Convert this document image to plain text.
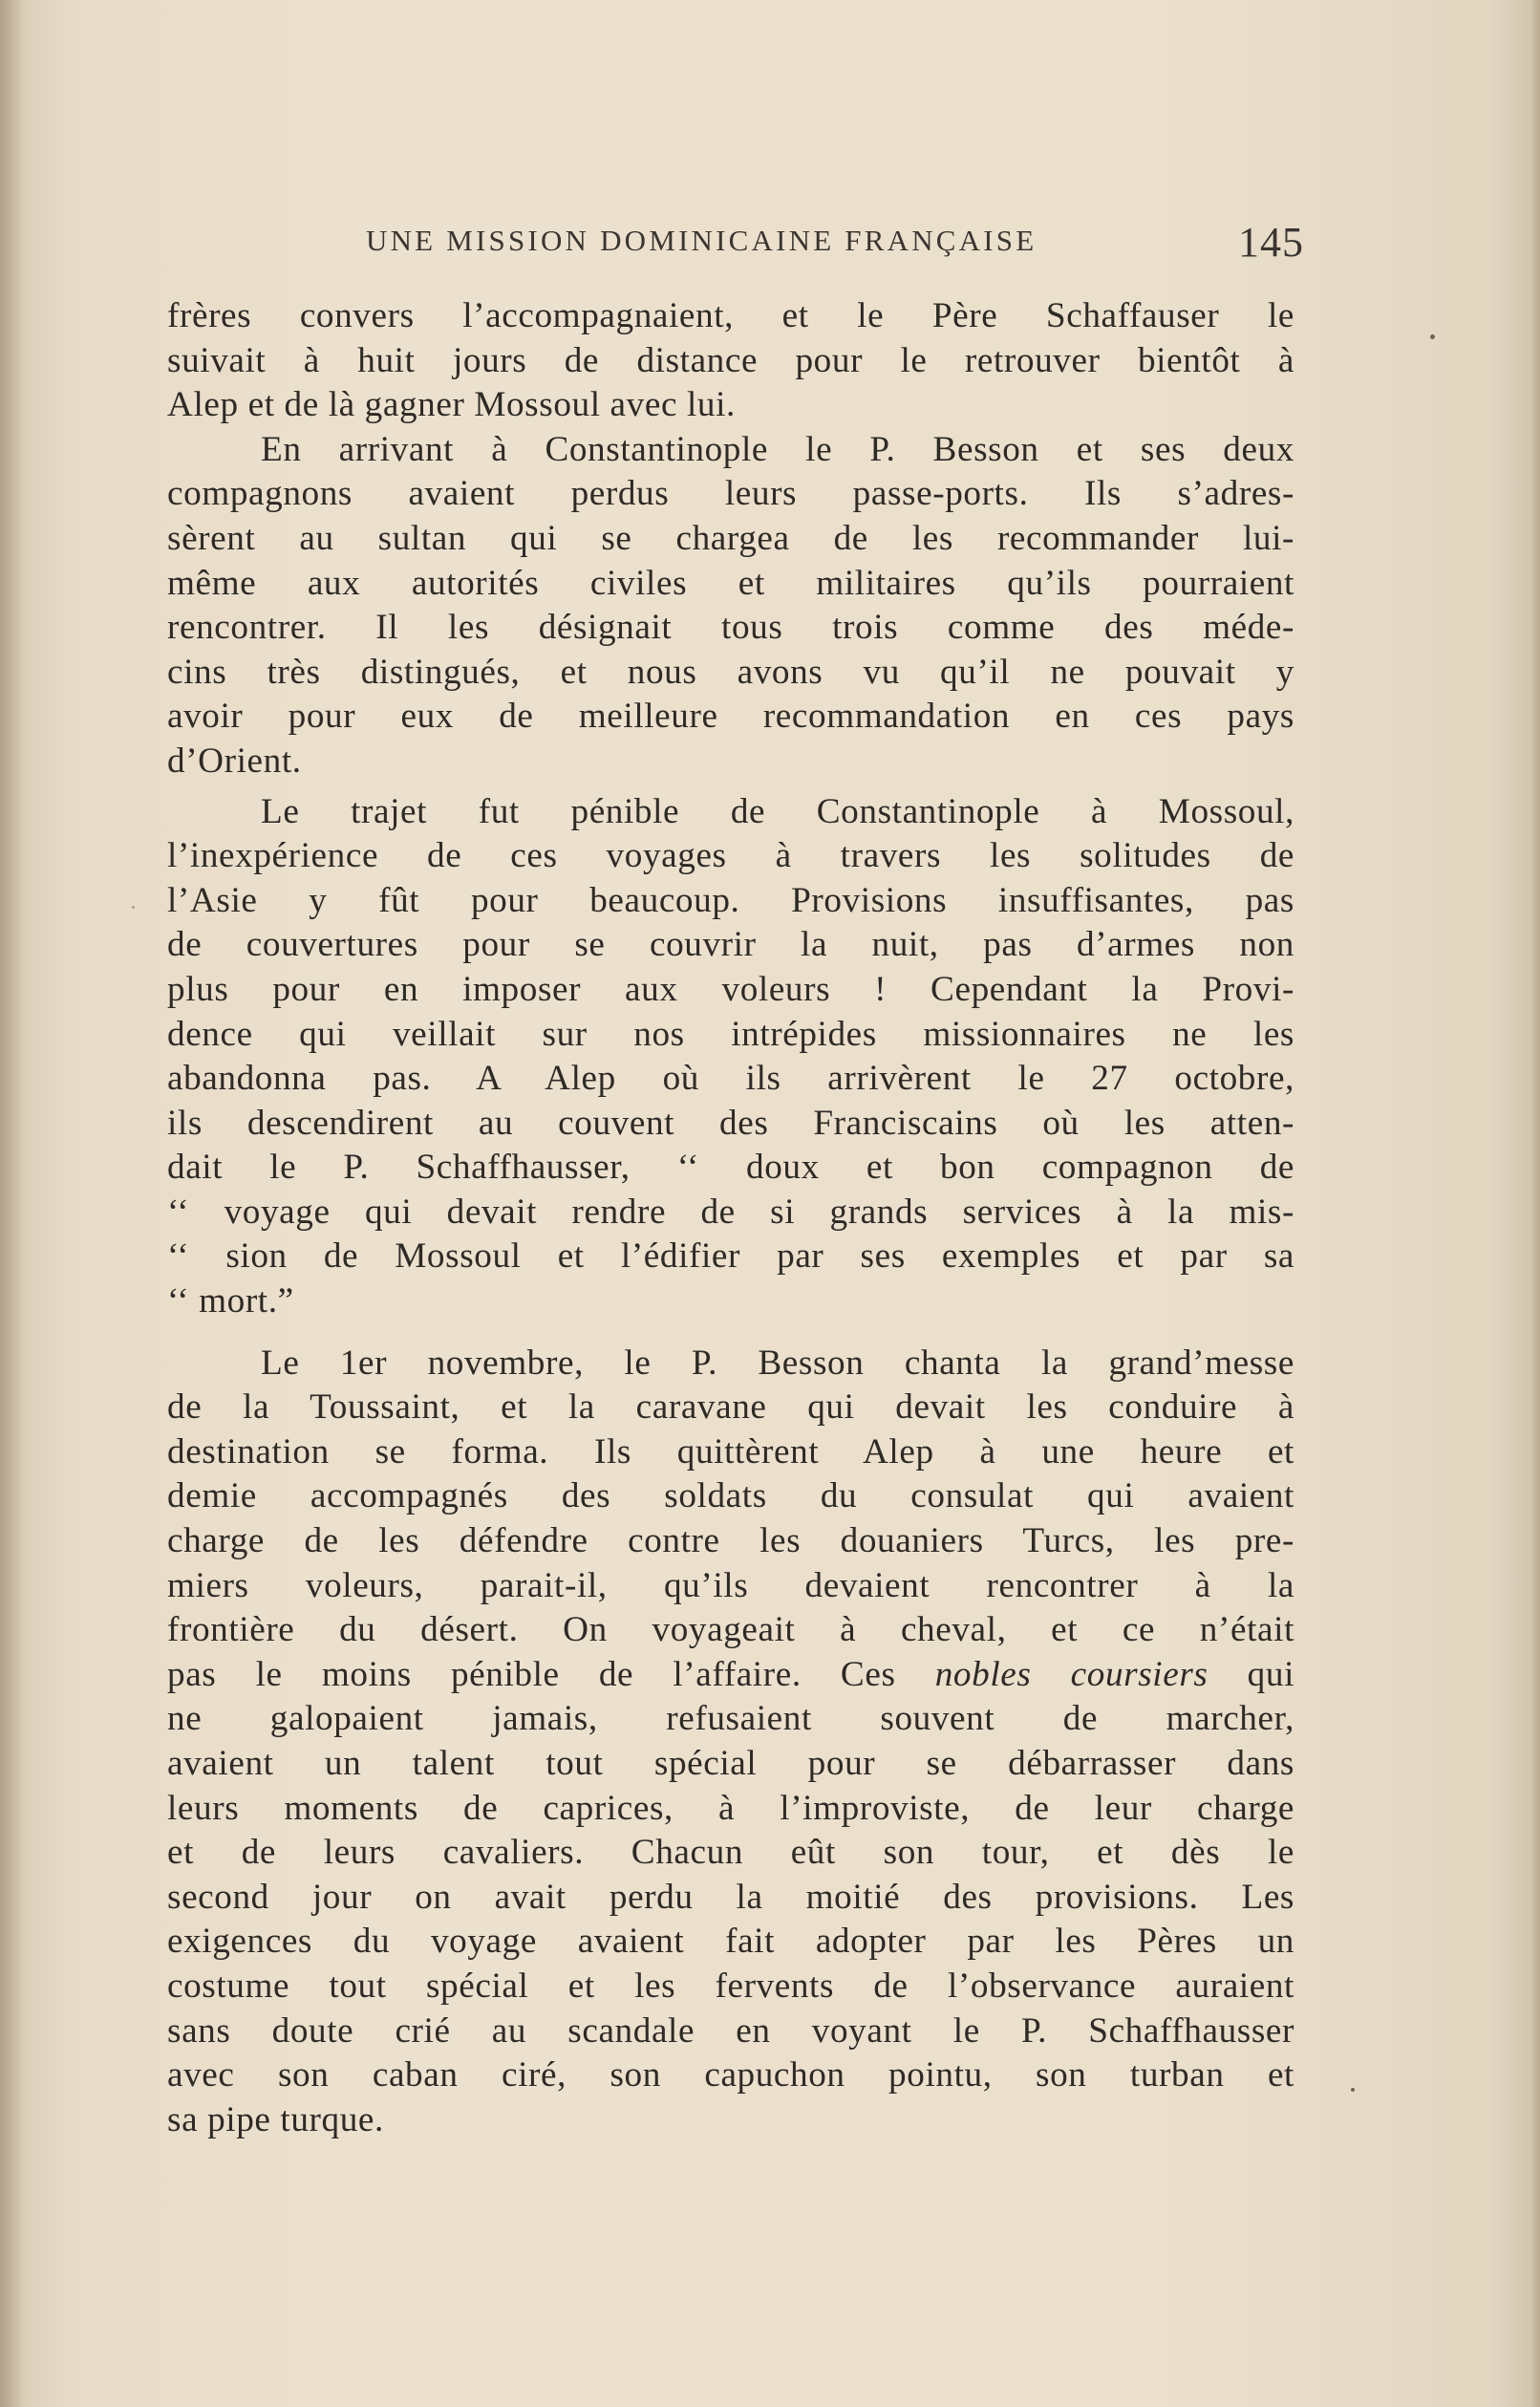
UNE MISSION DOMINICAINE FRANÇAISE	145
frères convers l’accompagnaient, et le Père Schaffauser le
suivait à huit jours de distance pour le retrouver bientôt à
Alep et de là gagner Mossoul avec lui.
En arrivant à Constantinople le P. Besson et ses deux
compagnons avaient perdus leurs passe-ports. Ils s’adres-
sèrent au sultan qui se chargea de les recommander lui-
même aux autorités civiles et militaires qu’ils pourraient
rencontrer. Il les désignait tous trois comme des méde-
cins très distingués, et nous avons vu qu’il ne pouvait y
avoir pour eux de meilleure recommandation en ces pays
d’Orient.
Le trajet fut pénible de Constantinople à Mossoul,
l’inexpérience de ces voyages à travers les solitudes de
l’Asie y fût pour beaucoup. Provisions insuffisantes, pas
de couvertures pour se couvrir la nuit, pas d’armes non
plus pour en imposer aux voleurs ! Cependant la Provi-
dence qui veillait sur nos intrépides missionnaires ne les
abandonna pas. A Alep où ils arrivèrent le 27 octobre,
ils descendirent au couvent des Franciscains où les atten-
dait le P. Schaffhausser, ‘‘ doux et bon compagnon de
‘‘ voyage qui devait rendre de si grands services à la mis-
‘‘ sion de Mossoul et l’édifier par ses exemples et par sa
‘‘ mort.”
Le 1er novembre, le P. Besson chanta la grand’messe
de la Toussaint, et la caravane qui devait les conduire à
destination se forma. Ils quittèrent Alep à une heure et
demie accompagnés des soldats du consulat qui avaient
charge de les défendre contre les douaniers Turcs, les pre-
miers voleurs, parait-il, qu’ils devaient rencontrer à la
frontière du désert. On voyageait à cheval, et ce n’était
pas le moins pénible de l’affaire. Ces nobles coursiers qui
ne galopaient jamais, refusaient souvent de marcher,
avaient un talent tout spécial pour se débarrasser dans
leurs moments de caprices, à l’improviste, de leur charge
et de leurs cavaliers. Chacun eût son tour, et dès le
second jour on avait perdu la moitié des provisions. Les
exigences du voyage avaient fait adopter par les Pères un
costume tout spécial et les fervents de l’observance auraient
sans doute crié au scandale en voyant le P. Schaffhausser
avec son caban ciré, son capuchon pointu, son turban et
sa pipe turque.
